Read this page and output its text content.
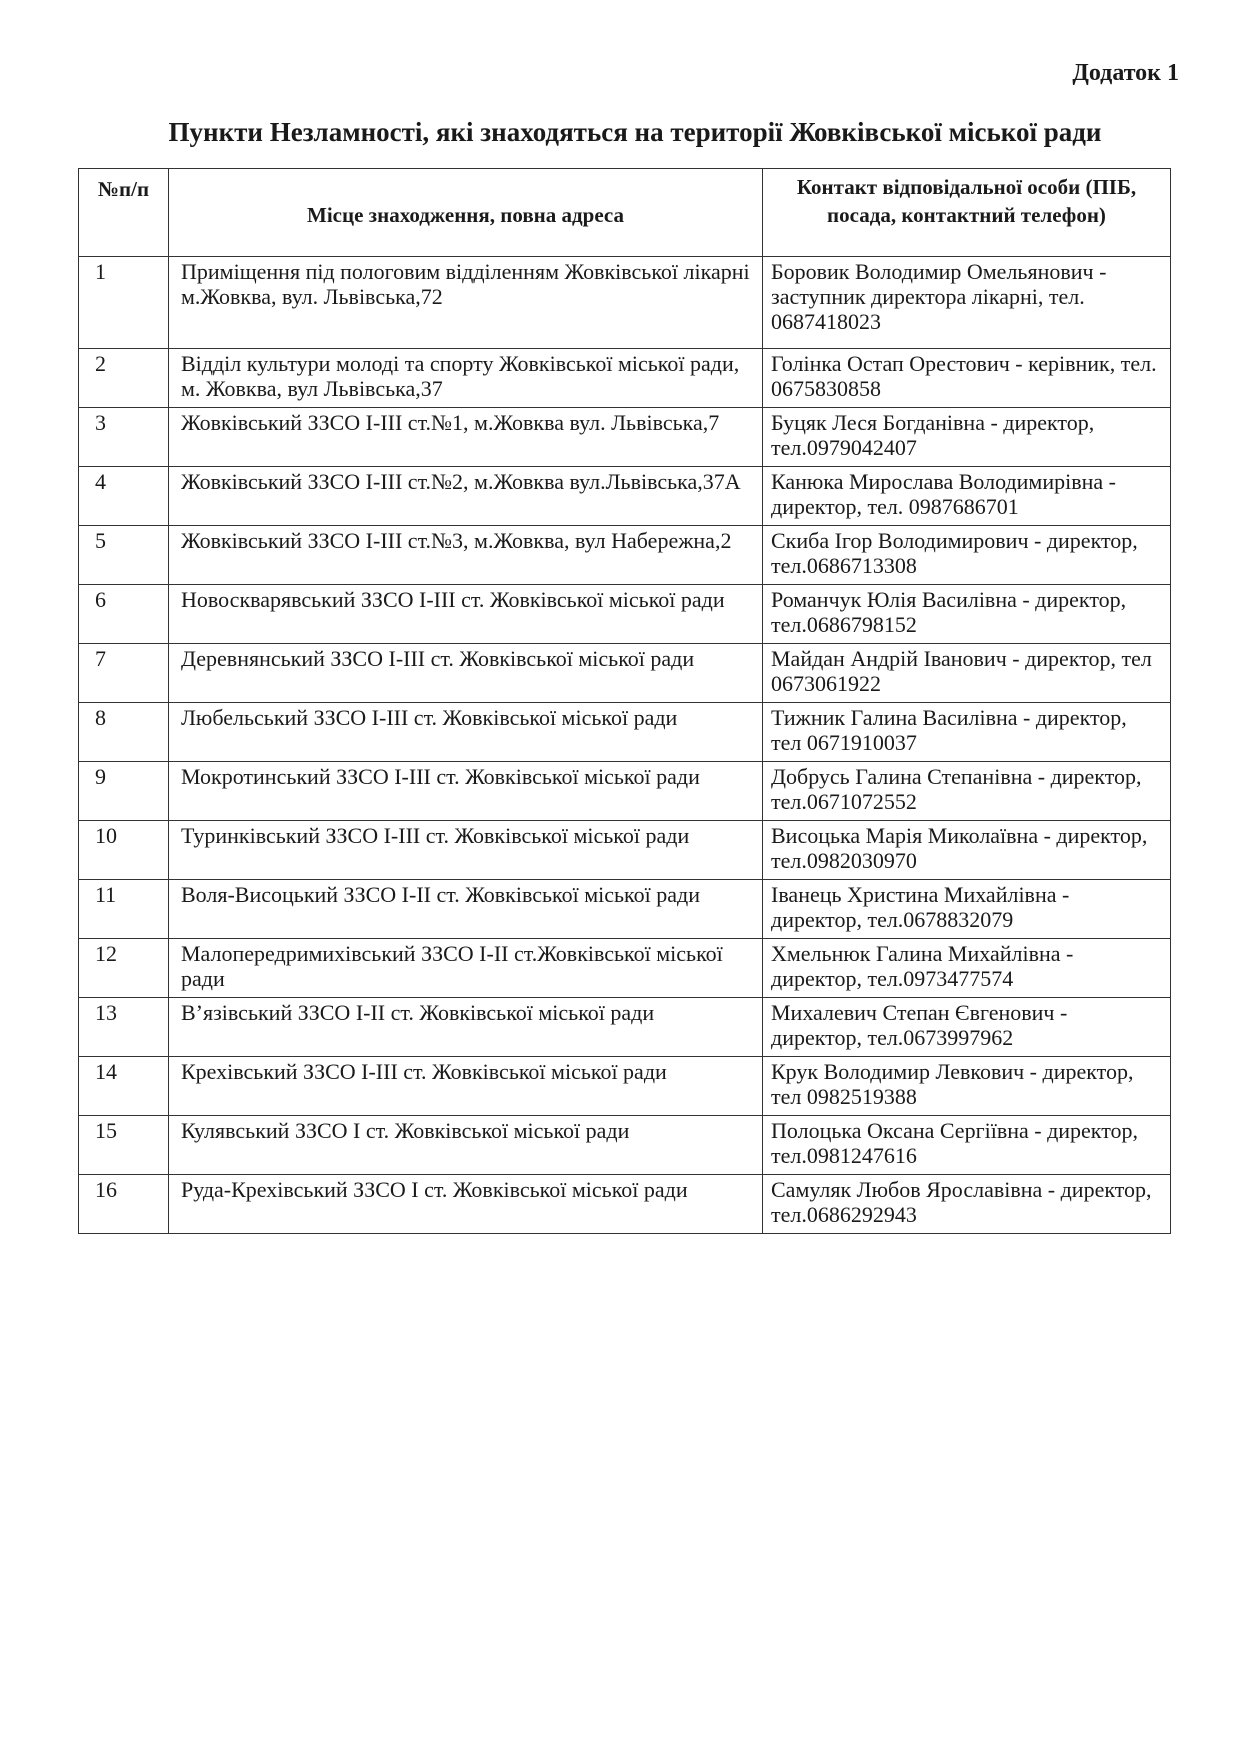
Додаток 1

Пункти Незламності, які знаходяться на території Жовківської міської ради
№п/п	Місце знаходження, повна адреса	Контакт відповідальної особи (ПІБ, посада, контактний телефон)
1	Приміщення під пологовим відділенням Жовківської лікарні м.Жовква, вул. Львівська,72	Боровик Володимир Омельянович - заступник директора лікарні, тел. 0687418023
2	Відділ культури молоді та спорту Жовківської міської ради, м. Жовква, вул Львівська,37	Голінка Остап Орестович - керівник, тел. 0675830858
3	Жовківський ЗЗСО І-ІІІ ст.№1, м.Жовква вул. Львівська,7	Буцяк Леся Богданівна - директор, тел.0979042407
4	Жовківський ЗЗСО І-ІІІ ст.№2, м.Жовква вул.Львівська,37А	Канюка Мирослава Володимирівна - директор, тел. 0987686701
5	Жовківський ЗЗСО І-ІІІ ст.№3, м.Жовква, вул Набережна,2	Скиба Ігор Володимирович - директор, тел.0686713308
6	Новоскварявський ЗЗСО І-ІІІ ст. Жовківської міської ради	Романчук Юлія Василівна - директор, тел.0686798152
7	Деревнянський ЗЗСО І-ІІІ ст. Жовківської міської ради	Майдан Андрій Іванович - директор, тел 0673061922
8	Любельський ЗЗСО І-ІІІ ст. Жовківської міської ради	Тижник Галина Василівна - директор, тел 0671910037
9	Мокротинський ЗЗСО І-ІІІ ст. Жовківської міської ради	Добрусь Галина Степанівна - директор, тел.0671072552
10	Туринківський ЗЗСО І-ІІІ ст. Жовківської міської ради	Висоцька Марія Миколаївна - директор, тел.0982030970
11	Воля-Висоцький ЗЗСО І-ІІ ст. Жовківської міської ради	Іванець Христина Михайлівна - директор, тел.0678832079
12	Малопередримихівський ЗЗСО І-ІІ ст.Жовківської міської ради	Хмельнюк Галина Михайлівна - директор, тел.0973477574
13	В’язівський ЗЗСО І-ІІ ст. Жовківської міської ради	Михалевич Степан Євгенович - директор, тел.0673997962
14	Крехівський ЗЗСО І-ІІІ ст. Жовківської міської ради	Крук Володимир Левкович - директор, тел 0982519388
15	Кулявський ЗЗСО І ст. Жовківської міської ради	Полоцька Оксана Сергіївна - директор, тел.0981247616
16	Руда-Крехівський ЗЗСО І ст. Жовківської міської ради	Самуляк Любов Ярославівна - директор, тел.0686292943
